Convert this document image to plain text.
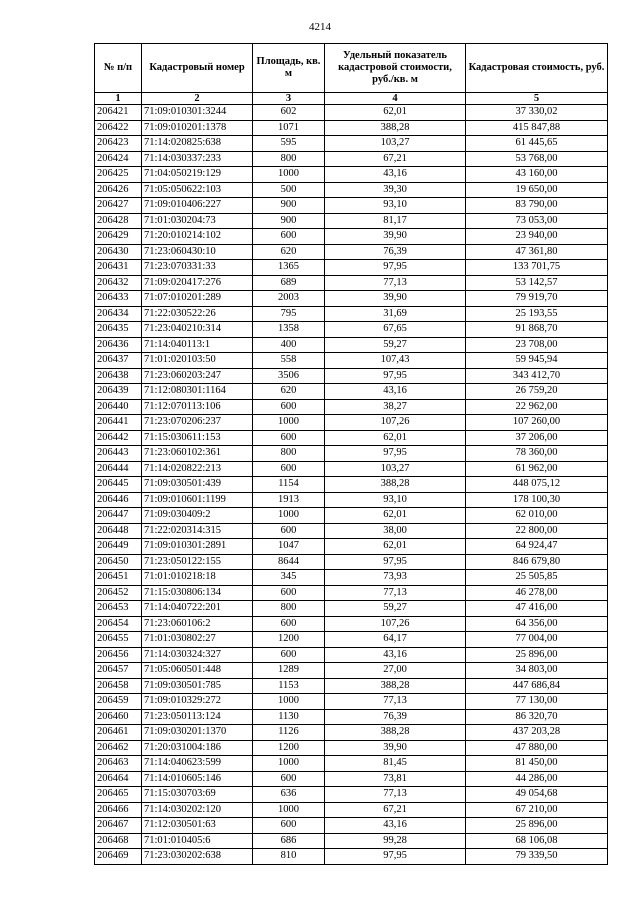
4214
№ п/п	Кадастровый номер	Площадь, кв. м	Удельный показатель кадастровой стоимости, руб./кв. м	Кадастровая стоимость, руб.
1	2	3	4	5
206421	71:09:010301:3244	602	62,01	37 330,02
206422	71:09:010201:1378	1071	388,28	415 847,88
206423	71:14:020825:638	595	103,27	61 445,65
206424	71:14:030337:233	800	67,21	53 768,00
206425	71:04:050219:129	1000	43,16	43 160,00
206426	71:05:050622:103	500	39,30	19 650,00
206427	71:09:010406:227	900	93,10	83 790,00
206428	71:01:030204:73	900	81,17	73 053,00
206429	71:20:010214:102	600	39,90	23 940,00
206430	71:23:060430:10	620	76,39	47 361,80
206431	71:23:070331:33	1365	97,95	133 701,75
206432	71:09:020417:276	689	77,13	53 142,57
206433	71:07:010201:289	2003	39,90	79 919,70
206434	71:22:030522:26	795	31,69	25 193,55
206435	71:23:040210:314	1358	67,65	91 868,70
206436	71:14:040113:1	400	59,27	23 708,00
206437	71:01:020103:50	558	107,43	59 945,94
206438	71:23:060203:247	3506	97,95	343 412,70
206439	71:12:080301:1164	620	43,16	26 759,20
206440	71:12:070113:106	600	38,27	22 962,00
206441	71:23:070206:237	1000	107,26	107 260,00
206442	71:15:030611:153	600	62,01	37 206,00
206443	71:23:060102:361	800	97,95	78 360,00
206444	71:14:020822:213	600	103,27	61 962,00
206445	71:09:030501:439	1154	388,28	448 075,12
206446	71:09:010601:1199	1913	93,10	178 100,30
206447	71:09:030409:2	1000	62,01	62 010,00
206448	71:22:020314:315	600	38,00	22 800,00
206449	71:09:010301:2891	1047	62,01	64 924,47
206450	71:23:050122:155	8644	97,95	846 679,80
206451	71:01:010218:18	345	73,93	25 505,85
206452	71:15:030806:134	600	77,13	46 278,00
206453	71:14:040722:201	800	59,27	47 416,00
206454	71:23:060106:2	600	107,26	64 356,00
206455	71:01:030802:27	1200	64,17	77 004,00
206456	71:14:030324:327	600	43,16	25 896,00
206457	71:05:060501:448	1289	27,00	34 803,00
206458	71:09:030501:785	1153	388,28	447 686,84
206459	71:09:010329:272	1000	77,13	77 130,00
206460	71:23:050113:124	1130	76,39	86 320,70
206461	71:09:030201:1370	1126	388,28	437 203,28
206462	71:20:031004:186	1200	39,90	47 880,00
206463	71:14:040623:599	1000	81,45	81 450,00
206464	71:14:010605:146	600	73,81	44 286,00
206465	71:15:030703:69	636	77,13	49 054,68
206466	71:14:030202:120	1000	67,21	67 210,00
206467	71:12:030501:63	600	43,16	25 896,00
206468	71:01:010405:6	686	99,28	68 106,08
206469	71:23:030202:638	810	97,95	79 339,50
